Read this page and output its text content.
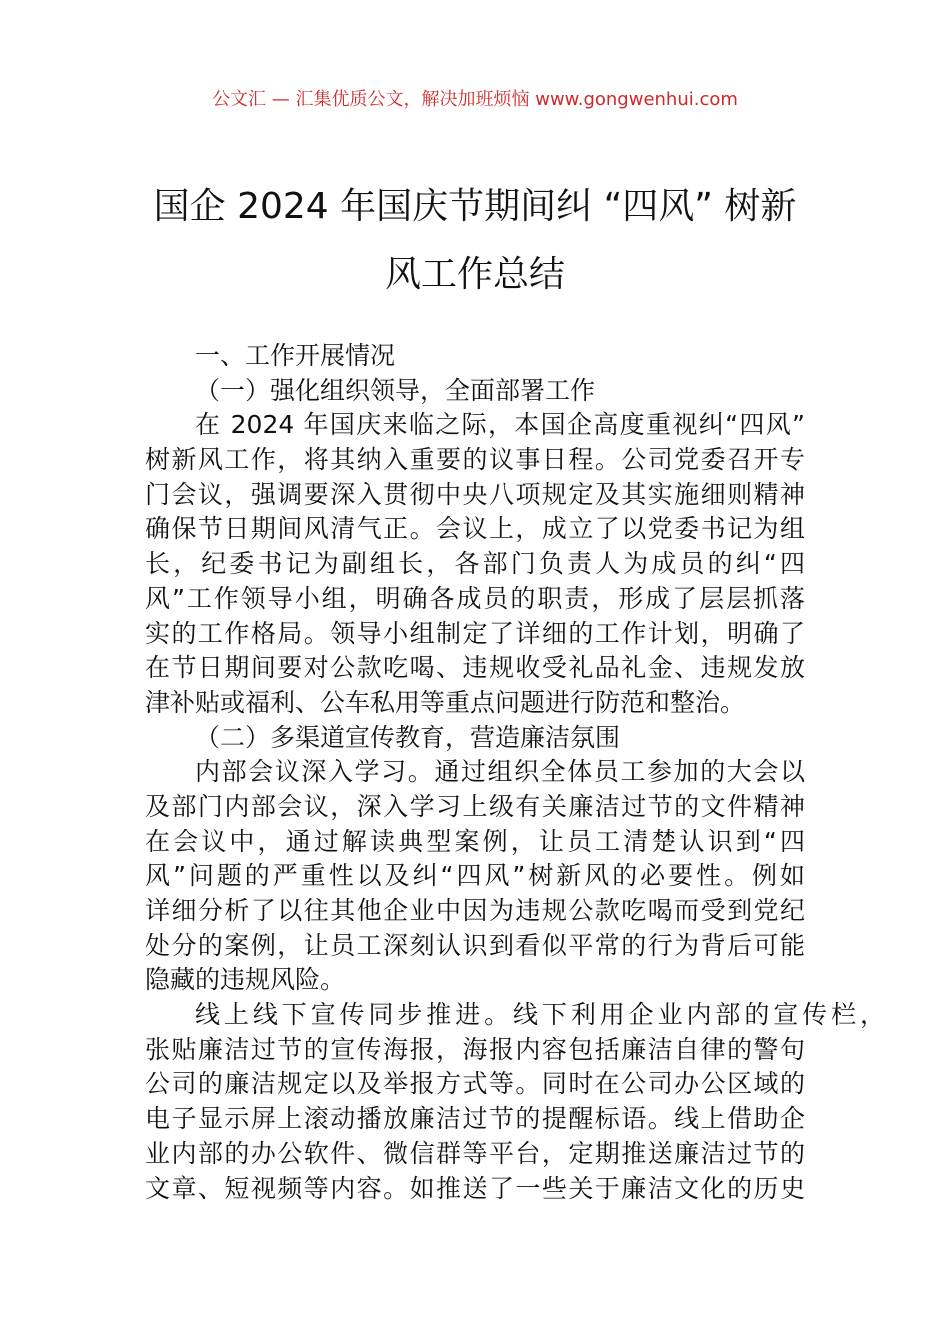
公文汇 — 汇集优质公文，解决加班烦恼 www.gongwenhui.com
国企 2024 年国庆节期间纠 “四风” 树新
风工作总结
一、工作开展情况
（一）强化组织领导，全面部署工作
在 2024 年国庆来临之际，本国企高度重视纠“四风”
树新风工作，将其纳入重要的议事日程。公司党委召开专
门会议，强调要深入贯彻中央八项规定及其实施细则精神
确保节日期间风清气正。会议上，成立了以党委书记为组
长，纪委书记为副组长，各部门负责人为成员的纠“四
风”工作领导小组，明确各成员的职责，形成了层层抓落
实的工作格局。领导小组制定了详细的工作计划，明确了
在节日期间要对公款吃喝、违规收受礼品礼金、违规发放
津补贴或福利、公车私用等重点问题进行防范和整治。
（二）多渠道宣传教育，营造廉洁氛围
内部会议深入学习。通过组织全体员工参加的大会以
及部门内部会议，深入学习上级有关廉洁过节的文件精神
在会议中，通过解读典型案例，让员工清楚认识到“四
风”问题的严重性以及纠“四风”树新风的必要性。例如
详细分析了以往其他企业中因为违规公款吃喝而受到党纪
处分的案例，让员工深刻认识到看似平常的行为背后可能
隐藏的违规风险。
线上线下宣传同步推进。线下利用企业内部的宣传栏，
张贴廉洁过节的宣传海报，海报内容包括廉洁自律的警句
公司的廉洁规定以及举报方式等。同时在公司办公区域的
电子显示屏上滚动播放廉洁过节的提醒标语。线上借助企
业内部的办公软件、微信群等平台，定期推送廉洁过节的
文章、短视频等内容。如推送了一些关于廉洁文化的历史
